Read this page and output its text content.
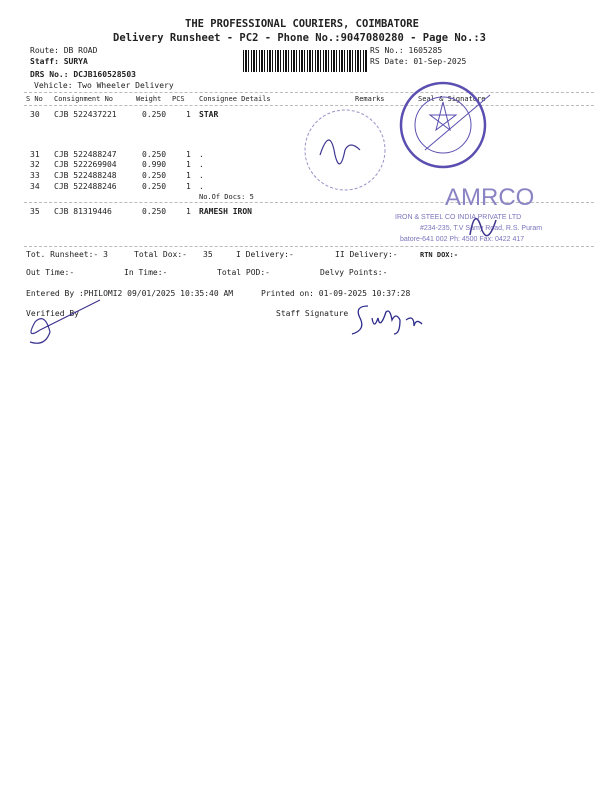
THE PROFESSIONAL COURIERS, COIMBATORE
Delivery Runsheet - PC2 - Phone No.:9047080280 - Page No.:3
Route: DB ROAD
Staff: SURYA
DRS No.: DCJB160528503
Vehicle: Two Wheeler Delivery
RS No.: 1605285
RS Date: 01-Sep-2025
S No Consignment No	Weight PCS Consignee Details	Remarks	Seal & Signature
30 CJB 522437221	0.250 1 STAR
31 CJB 522488247	0.250 1 .
32 CJB 522269904	0.990 1 .
33 CJB 522488248	0.250 1 .
34 CJB 522488246	0.250 1 .
35 CJB 81319446	0.250 1 RAMESH IRON
No.Of Docs: 5
Tot. Runsheet:- 3	Total Dox:- 35	I Delivery:-	II Delivery:-	RTN DOX:-
Out Time:-	In Time:-	Total POD:-	Delvy Points:-
Entered By :PHILOMI2 09/01/2025 10:35:40 AM	Printed on: 01-09-2025 10:37:28
Verified By	Staff Signature
AMRCO
IRON & STEEL CO INDIA PRIVATE LTD
#234-235, T.V Samy Road, R.S. Puram
batore-641 002 Ph: 4500 Fax: 0422 417
